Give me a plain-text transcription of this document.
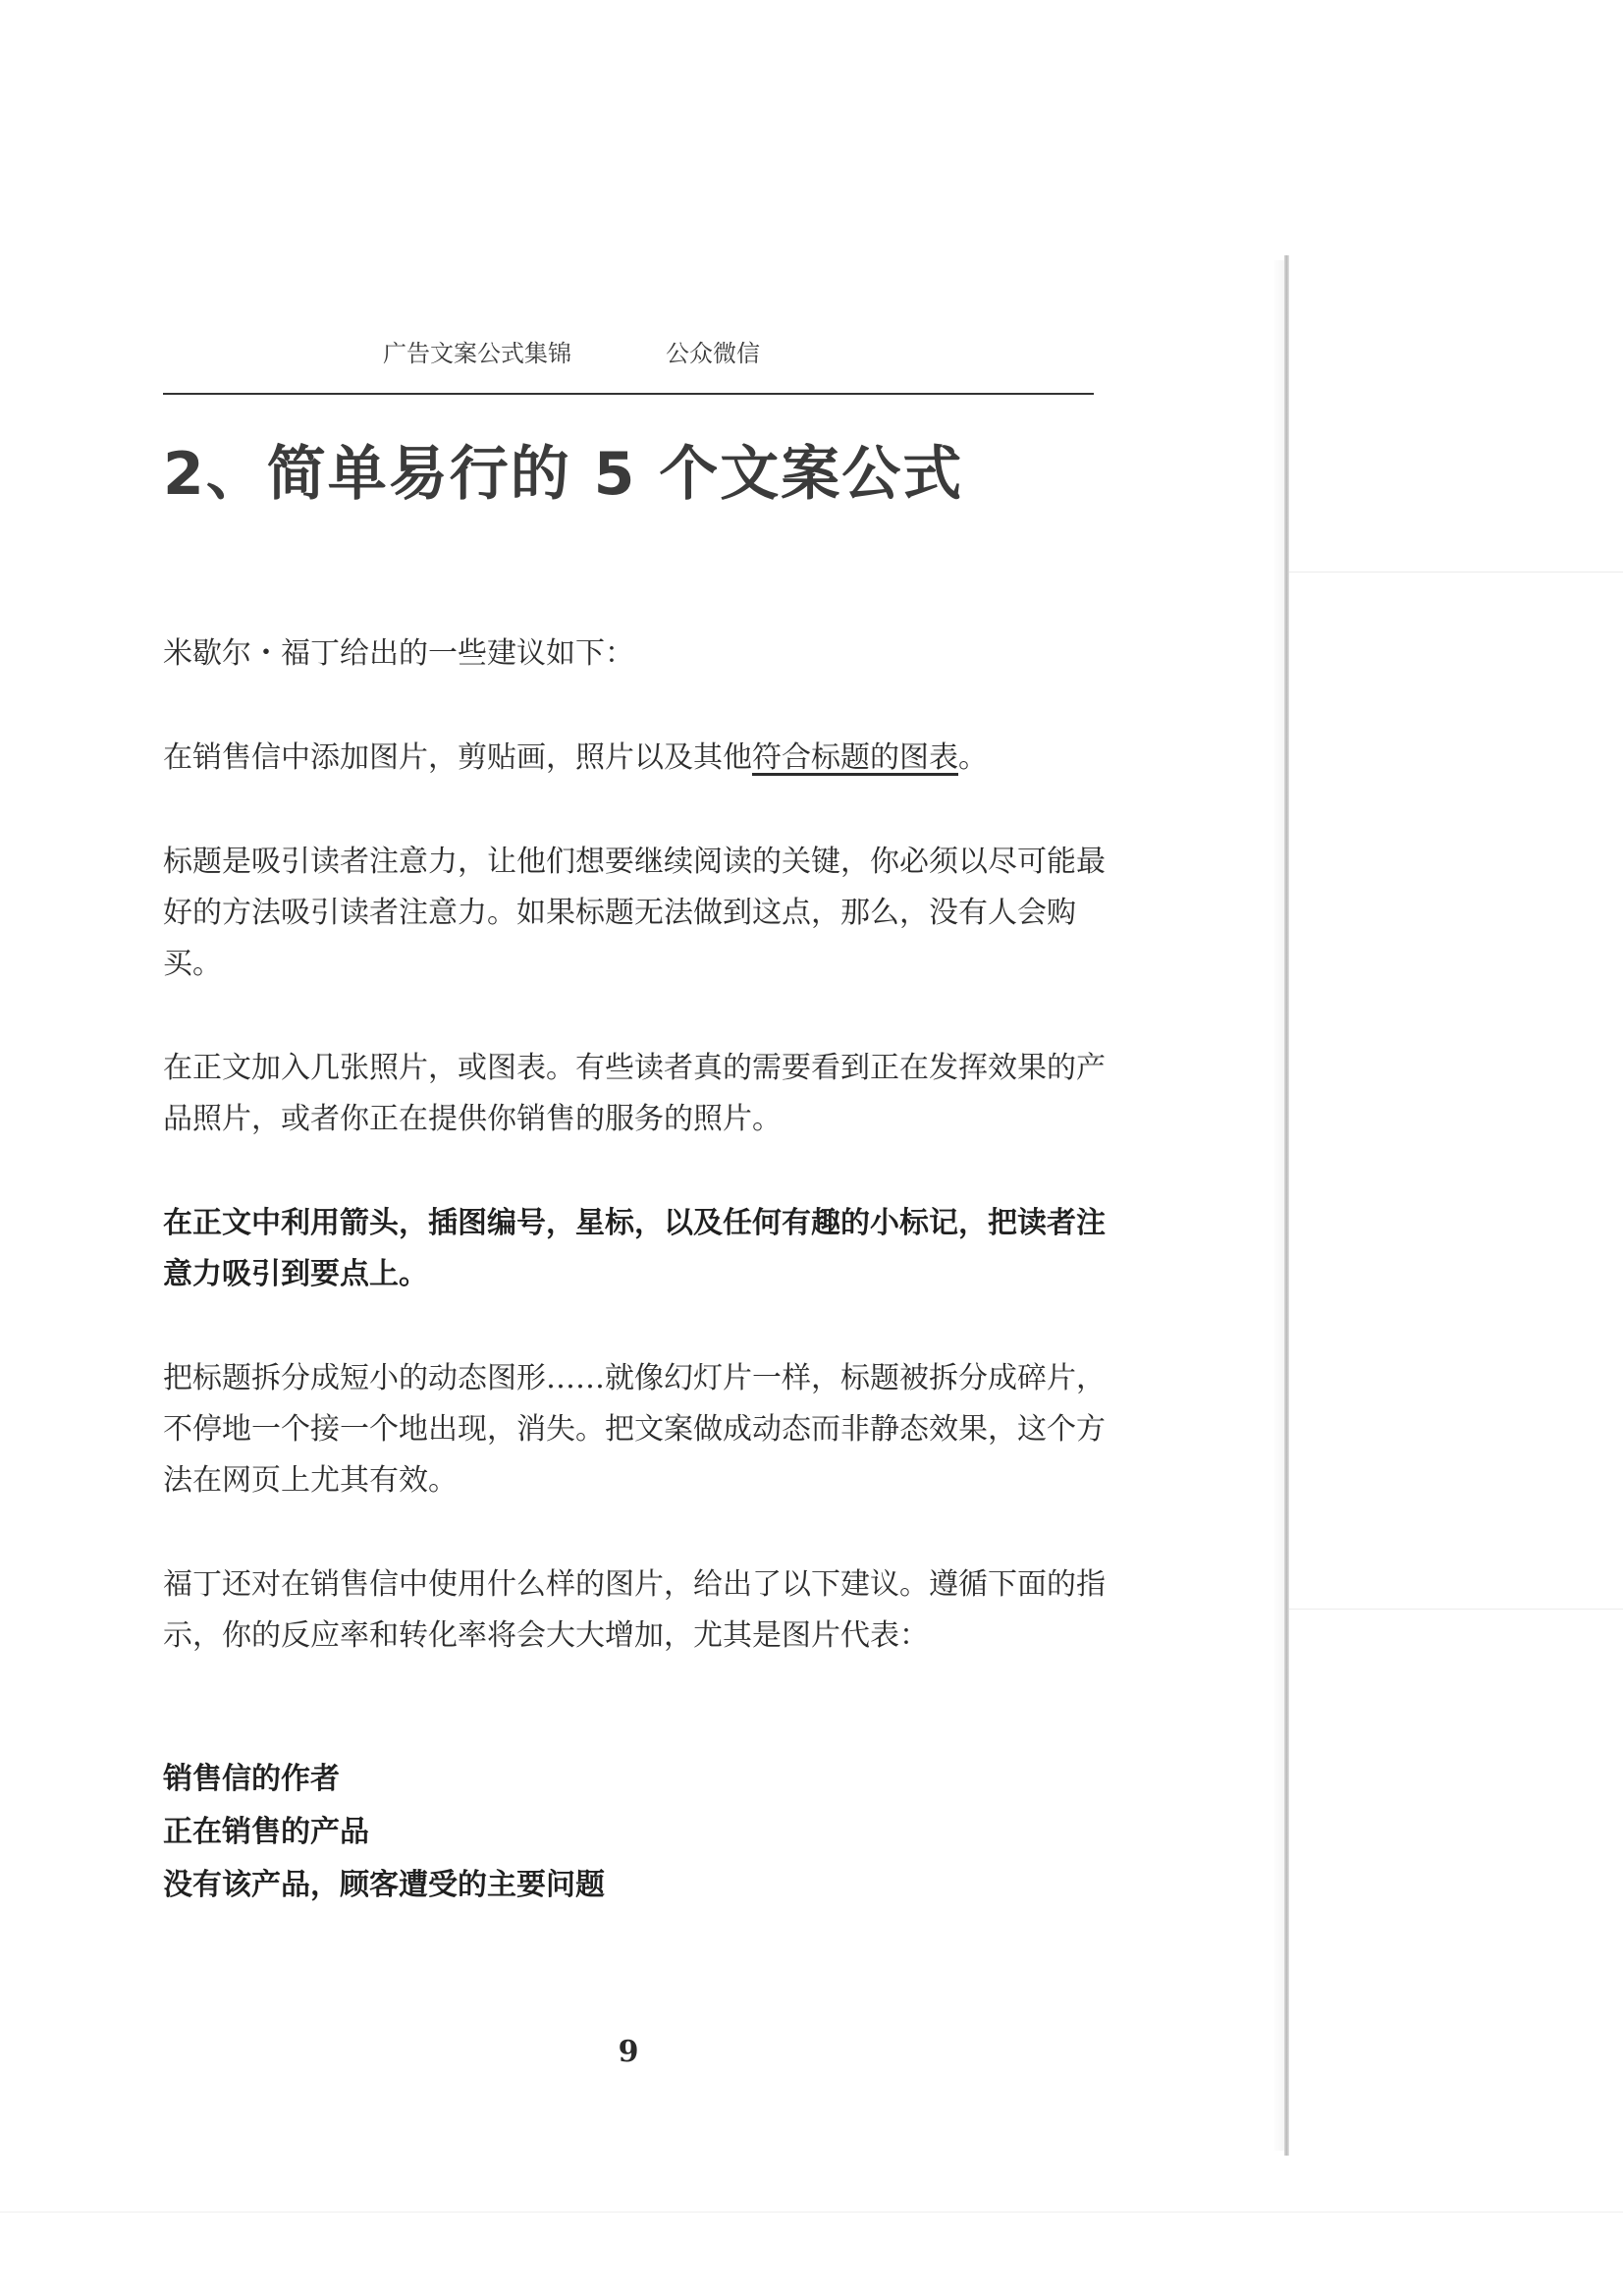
广告文案公式集锦	公众微信
2、简单易行的 5 个文案公式

米歇尔・福丁给出的一些建议如下：

在销售信中添加图片，剪贴画，照片以及其他符合标题的图表。

标题是吸引读者注意力，让他们想要继续阅读的关键，你必须以尽可能最好的方法吸引读者注意力。如果标题无法做到这点，那么，没有人会购买。

在正文加入几张照片，或图表。有些读者真的需要看到正在发挥效果的产品照片，或者你正在提供你销售的服务的照片。

在正文中利用箭头，插图编号，星标，以及任何有趣的小标记，把读者注意力吸引到要点上。

把标题拆分成短小的动态图形……就像幻灯片一样，标题被拆分成碎片，不停地一个接一个地出现，消失。把文案做成动态而非静态效果，这个方法在网页上尤其有效。

福丁还对在销售信中使用什么样的图片，给出了以下建议。遵循下面的指示，你的反应率和转化率将会大大增加，尤其是图片代表：

销售信的作者
正在销售的产品
没有该产品，顾客遭受的主要问题
9
